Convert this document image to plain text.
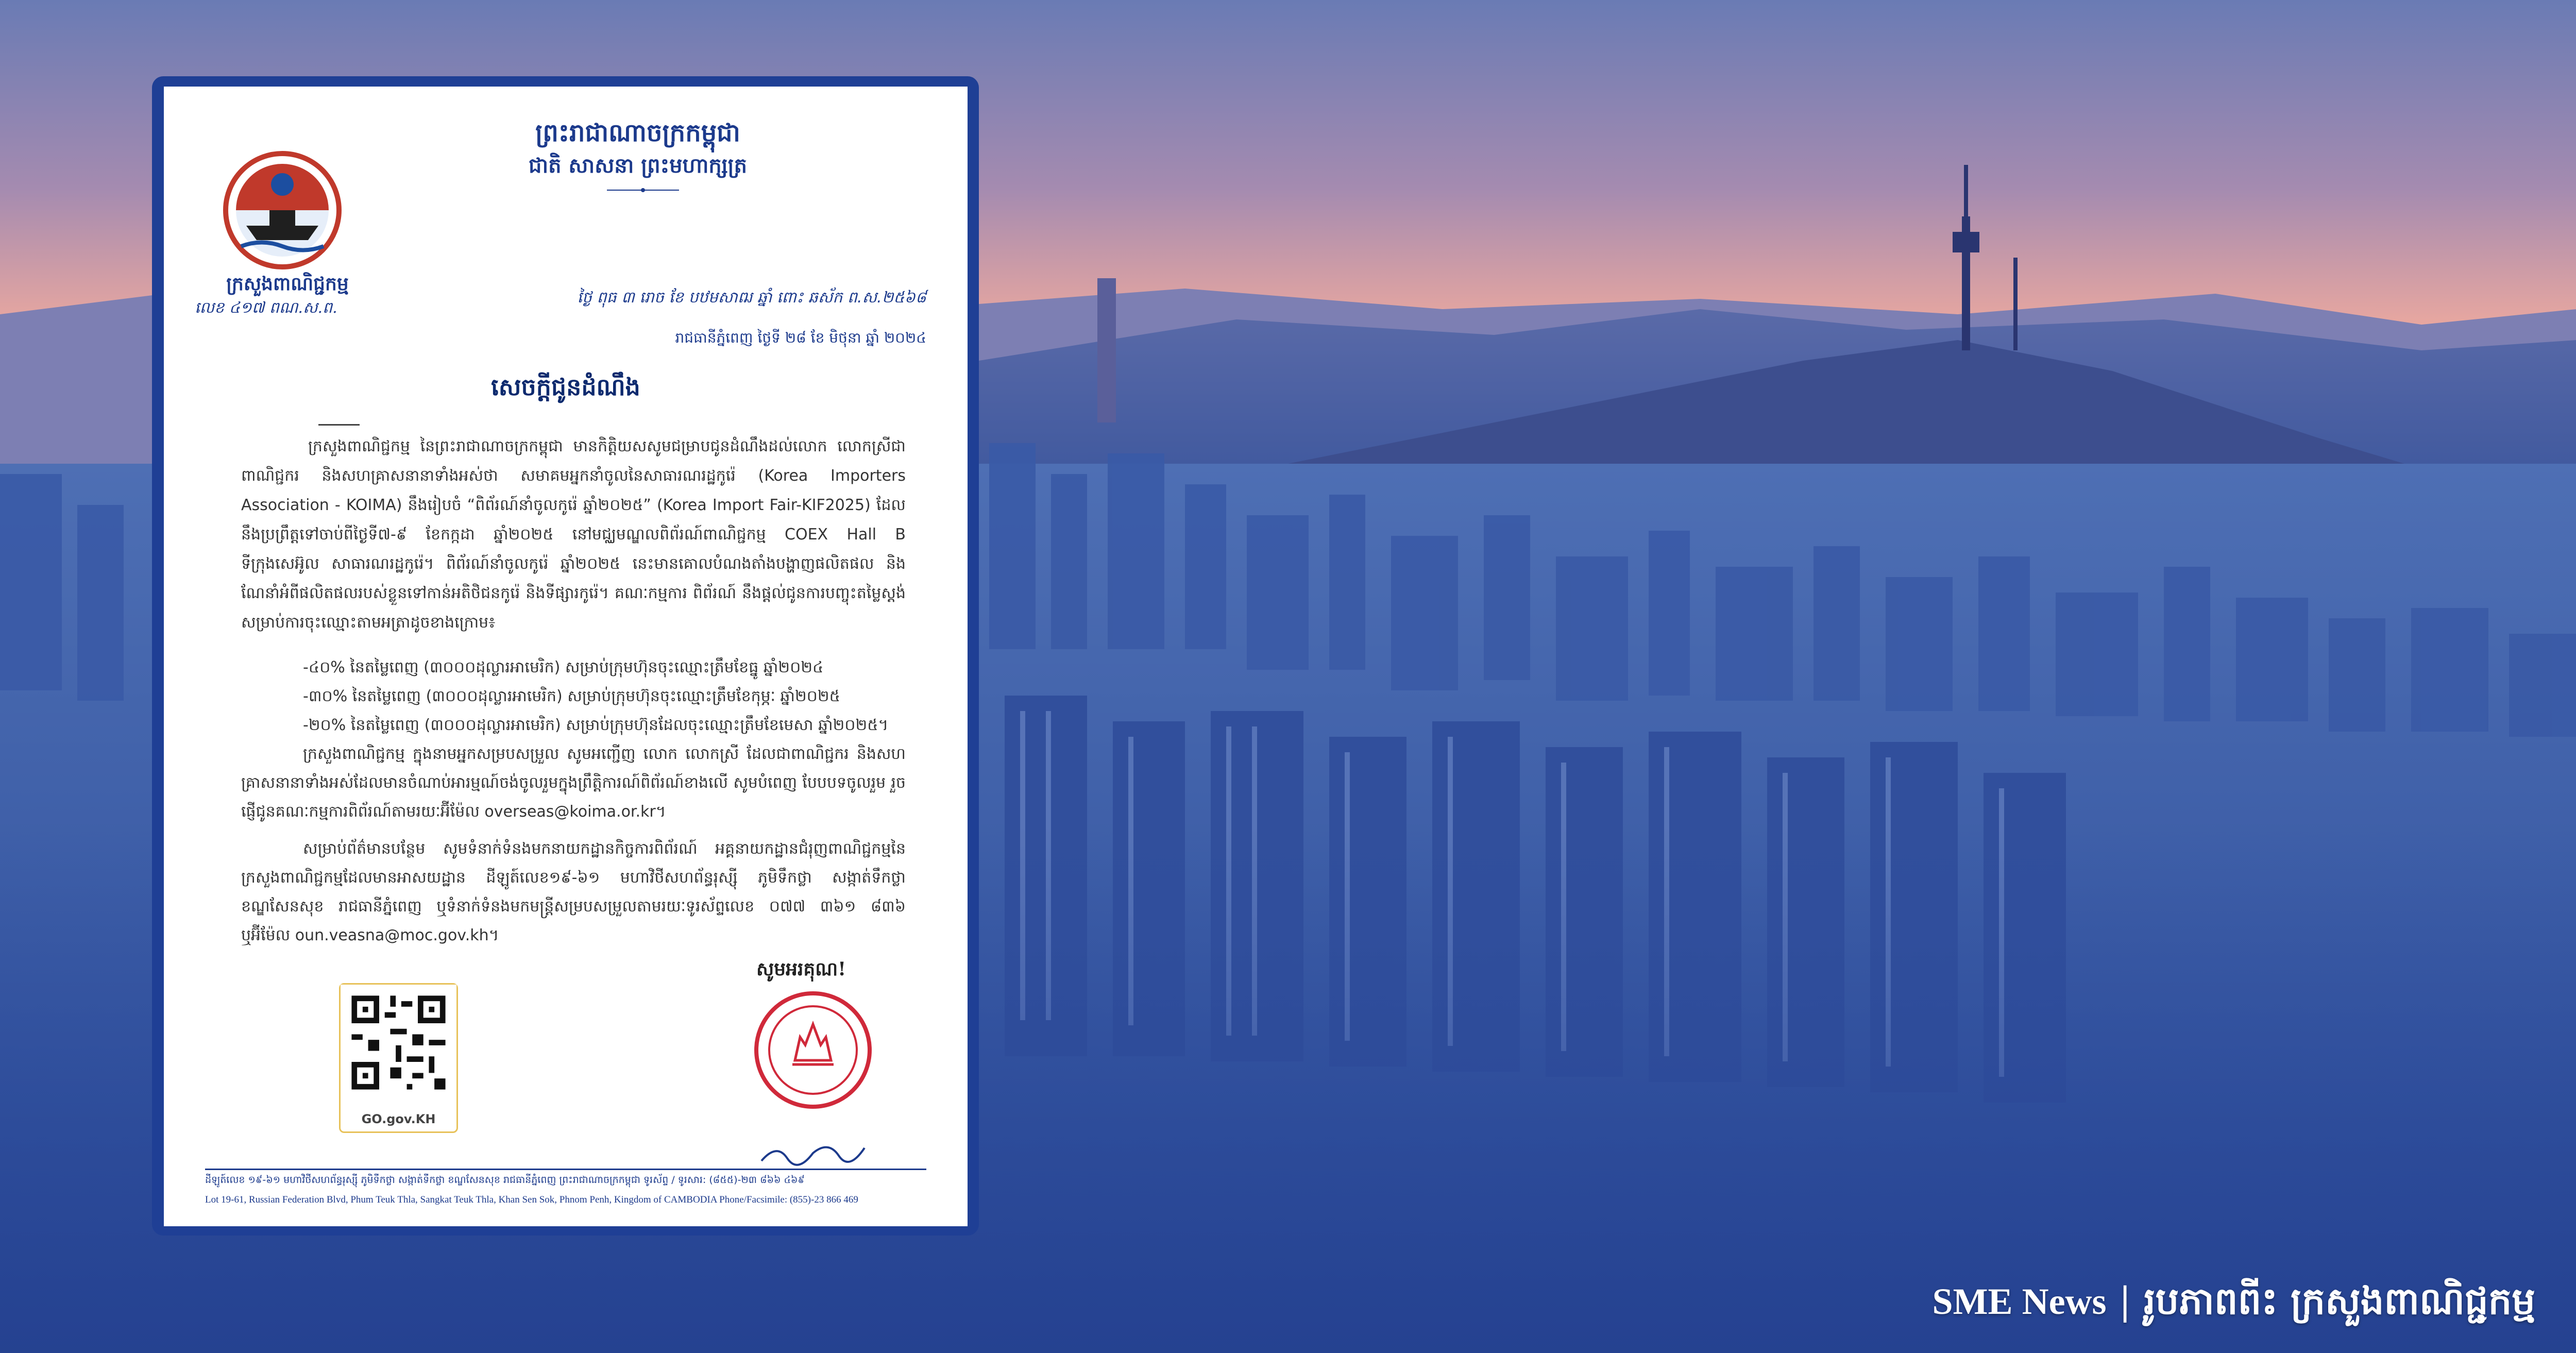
ព្រះរាជាណាចក្រកម្ពុជា
ជាតិ សាសនា ព្រះមហាក្សត្រ
ក្រសួងពាណិជ្ជកម្ម
លេខ ៤១៧ ពណ.ស.ព.
ថ្ងៃ ពុធ ៣ រោច ខែ បឋមសាឍ ឆ្នាំ ពោះ ឆស័ក ព.ស.២៥៦៨
រាជធានីភ្នំពេញ ថ្ងៃទី ២៨ ខែ មិថុនា ឆ្នាំ ២០២៤
សេចក្តីជូនដំណឹង

ក្រសួងពាណិជ្ជកម្ម នៃព្រះរាជាណាចក្រកម្ពុជា មានកិត្តិយសសូមជម្រាបជូនដំណឹងដល់លោក លោកស្រីជាពាណិជ្ជករ និងសហគ្រាសនានាទាំងអស់ថា សមាគមអ្នកនាំចូលនៃសាធារណរដ្ឋកូរ៉េ (Korea Importers Association - KOIMA) នឹងរៀបចំ “ពិព័រណ៍នាំចូលកូរ៉េ ឆ្នាំ២០២៥” (Korea Import Fair-KIF2025) ដែលនឹងប្រព្រឹត្តទៅចាប់ពីថ្ងៃទី៧-៩ ខែកក្កដា ឆ្នាំ២០២៥ នៅមជ្ឈមណ្ឌលពិព័រណ៍ពាណិជ្ជកម្ម COEX Hall B ទីក្រុងសេអ៊ូល សាធារណរដ្ឋកូរ៉េ។ ពិព័រណ៍នាំចូលកូរ៉េ ឆ្នាំ២០២៥ នេះមានគោលបំណងតាំងបង្ហាញផលិតផល និងណែនាំអំពីផលិតផលរបស់ខ្លួនទៅកាន់អតិថិជនកូរ៉េ និងទីផ្សារកូរ៉េ។ គណៈកម្មការ ពិព័រណ៍ នឹងផ្តល់ជូនការបញ្ចុះតម្លៃស្តង់សម្រាប់ការចុះឈ្មោះតាមអត្រាដូចខាងក្រោម៖

-៤០% នៃតម្លៃពេញ (៣០០០ដុល្លារអាមេរិក) សម្រាប់ក្រុមហ៊ុនចុះឈ្មោះត្រឹមខែធ្នូ ឆ្នាំ២០២៤
-៣០% នៃតម្លៃពេញ (៣០០០ដុល្លារអាមេរិក) សម្រាប់ក្រុមហ៊ុនចុះឈ្មោះត្រឹមខែកុម្ភៈ ឆ្នាំ២០២៥
-២០% នៃតម្លៃពេញ (៣០០០ដុល្លារអាមេរិក) សម្រាប់ក្រុមហ៊ុនដែលចុះឈ្មោះត្រឹមខែមេសា ឆ្នាំ២០២៥។
ក្រសួងពាណិជ្ជកម្ម ក្នុងនាមអ្នកសម្របសម្រួល សូមអញ្ជើញ លោក លោកស្រី ដែលជាពាណិជ្ជករ និងសហគ្រាសនានាទាំងអស់ដែលមានចំណាប់អារម្មណ៍ចង់ចូលរួមក្នុងព្រឹត្តិការណ៍ពិព័រណ៍ខាងលើ សូមបំពេញ បែបបទចូលរួម រួចផ្ញើជូនគណៈកម្មការពិព័រណ៍តាមរយៈអ៊ីម៉ែល overseas@koima.or.kr។
សម្រាប់ព័ត៌មានបន្ថែម សូមទំនាក់ទំនងមកនាយកដ្ឋានកិច្ចការពិព័រណ៍ អគ្គនាយកដ្ឋានជំរុញពាណិជ្ជកម្មនៃក្រសួងពាណិជ្ជកម្មដែលមានអាសយដ្ឋាន ដីឡូត៍លេខ១៩-៦១ មហាវិថីសហព័ន្ធរុស្ស៊ី ភូមិទឹកថ្លា សង្កាត់ទឹកថ្លា ខណ្ឌសែនសុខ រាជធានីភ្នំពេញ ឬទំនាក់ទំនងមកមន្ត្រីសម្របសម្រួលតាមរយៈទូរស័ព្ទលេខ ០៧៧ ៣៦១ ៨៣៦ ឬអ៊ីម៉ែល oun.veasna@moc.gov.kh។
សូមអរគុណ!
GO.gov.KH
ដីឡូត៍លេខ ១៩-៦១ មហាវិថីសហព័ន្ធរុស្ស៊ី ភូមិទឹកថ្លា សង្កាត់ទឹកថ្លា ខណ្ឌសែនសុខ រាជធានីភ្នំពេញ ព្រះរាជាណាចក្រកម្ពុជា ទូរស័ព្ទ / ទូរសារ: (៨៥៥)-២៣ ៨៦៦ ៤៦៩
Lot 19-61, Russian Federation Blvd, Phum Teuk Thla, Sangkat Teuk Thla, Khan Sen Sok, Phnom Penh, Kingdom of CAMBODIA Phone/Facsimile: (855)-23 866 469
SME News | រូបភាពពីះ ក្រសួងពាណិជ្ជកម្ម
